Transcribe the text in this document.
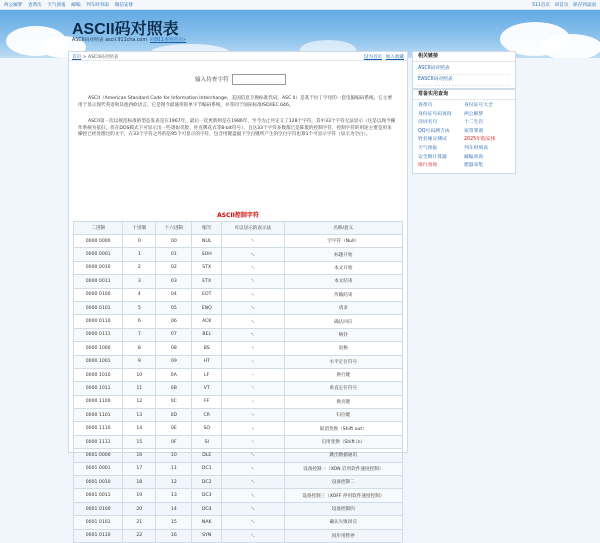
两公解梦 査黄历 天气预报 邮编 列车时刻表 微信安排	511首页 回首页 保存到桌面
ASCII码对照表
ASCII码对照表 ascii.911cha.com 回911查询首页»
首页 > ASCII码对照表	设为首页 加入收藏
输入待查字符
ASCII（American Standard Code for Information Interchange，美国信息互换标准代码，ASC II）是基于拉丁字母的一套电脑编码系统。它主要用于显示现代英语和其他西欧语言。它是现今最通用的单字节编码系统，并等同于国际标准ISO/IEC 646。
ASCII第一次以规范标准的型态发表是在1967年，最后一次更新则是在1986年，至今为止共定义了128个字符，其中33个字符无法显示（这是以现今操作系统为依归，但在DOS模式下可显示出一些诸如笑脸、扑克牌花式等8-bit符号），且这33个字符多数都已是陈废的控制字符，控制字符的用途主要是用来操控已经处理过的文字，在33个字符之外的是95个可显示的字符，包含用键盘敲下空白键所产生的空白字符也算1个可显示字符（显示为空白）。
ASCII控制字符
二进制	十进制	十六进制	缩写	可以显示的表示法	名称/意义
0000 0000	0	00	NUL	␀	空字符（Null）
0000 0001	1	01	SOH	␁	标题开始
0000 0010	2	02	STX	␂	本文开始
0000 0011	3	03	ETX	␃	本文结束
0000 0100	4	04	EOT	␄	传输结束
0000 0101	5	05	ENQ	␅	请求
0000 0110	6	06	ACK	␆	确认回应
0000 0111	7	07	BEL	␇	响铃
0000 1000	8	08	BS	␈	退格
0000 1001	9	09	HT	␉	水平定位符号
0000 1010	10	0A	LF	␊	换行键
0000 1011	11	0B	VT	␋	垂直定位符号
0000 1100	12	0C	FF	␌	换页键
0000 1101	13	0D	CR	␍	归位键
0000 1110	14	0E	SO	␎	取消变换（Shift out）
0000 1111	15	0F	SI	␏	启用变换（Shift in）
0001 0000	16	10	DLE	␐	跳出数据通讯
0001 0001	17	11	DC1	␑	设备控制一（XON 启用软件速度控制）
0001 0010	18	12	DC2	␒	设备控制二
0001 0011	19	13	DC3	␓	设备控制三（XOFF 停用软件速度控制）
0001 0100	20	14	DC4	␔	设备控制四
0001 0101	21	15	NAK	␕	确认失败回应
0001 0110	22	16	SYN	␖	同步用暂停
相关链接
ASCII码对照表
EASCII码对照表
常备实用查询
查黄历	身份证号大全
身份证号码查询	两公解梦
诗词名句	十二生肖
QQ号码测吉凶	家常菜谱
姓名缘分测试	2025年假安排
天气预报	列车时刻表
安全期计算器	邮编查询
排行查询	腊器采集
